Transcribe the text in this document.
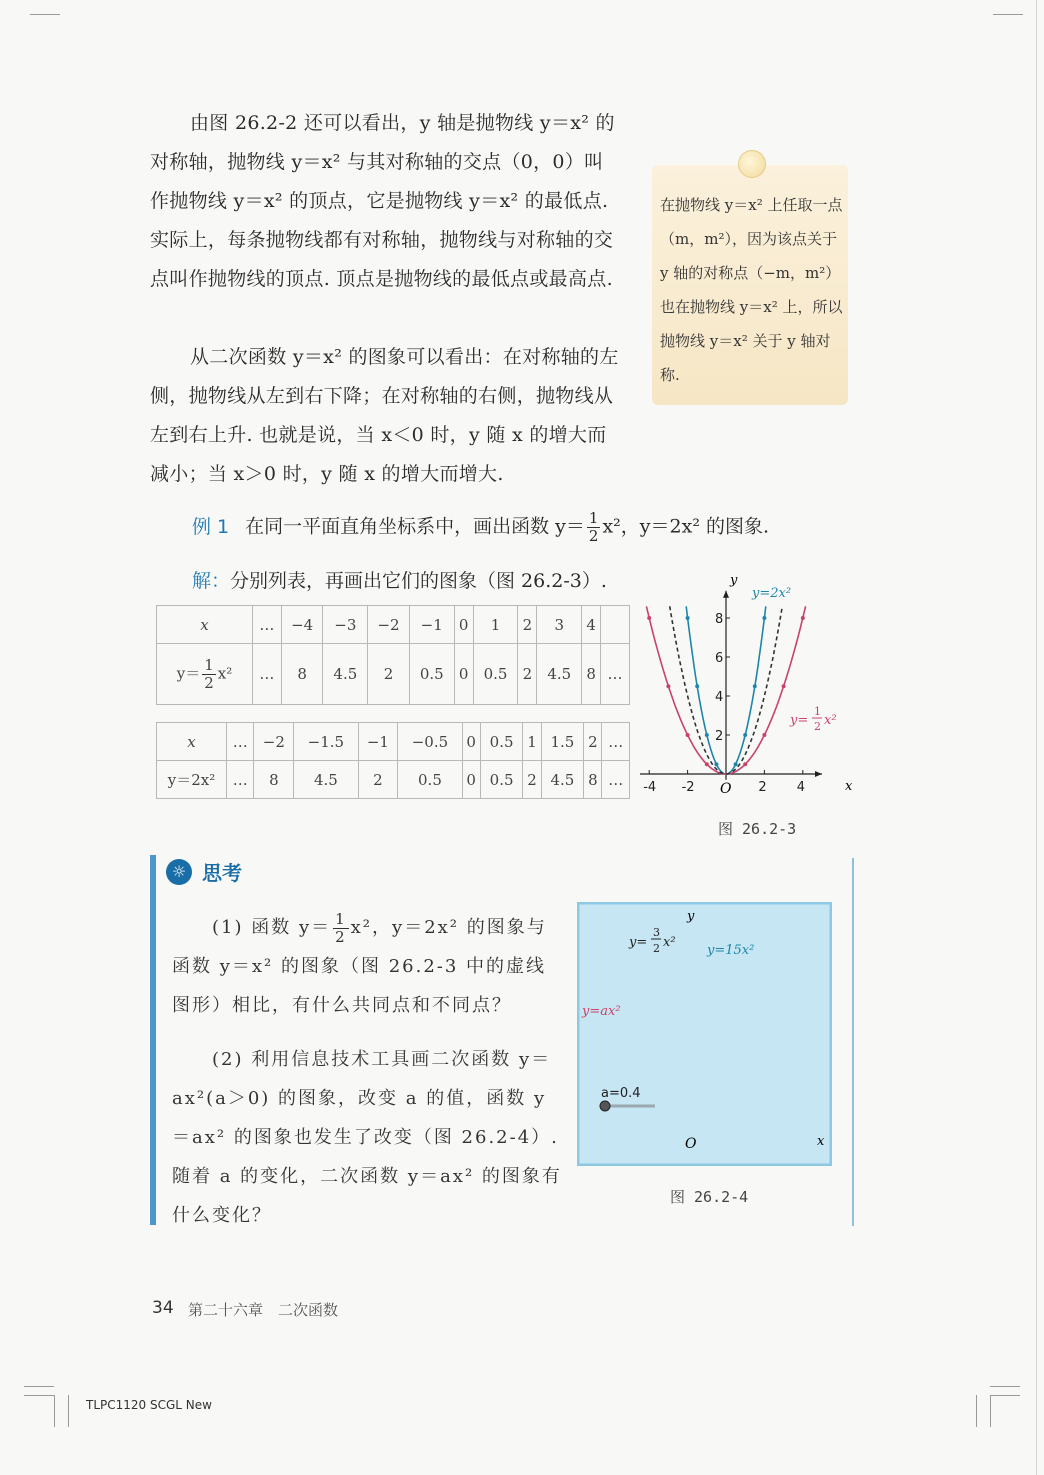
由图 26.2-2 还可以看出，y 轴是抛物线 y＝x² 的对称轴，抛物线 y＝x² 与其对称轴的交点（0，0）叫作抛物线 y＝x² 的顶点，它是抛物线 y＝x² 的最低点. 实际上，每条抛物线都有对称轴，抛物线与对称轴的交点叫作抛物线的顶点. 顶点是抛物线的最低点或最高点.

从二次函数 y＝x² 的图象可以看出：在对称轴的左侧，抛物线从左到右下降；在对称轴的右侧，抛物线从左到右上升. 也就是说，当 x＜0 时，y 随 x 的增大而减小；当 x＞0 时，y 随 x 的增大而增大.

在抛物线 y＝x² 上任取一点（m，m²），因为该点关于 y 轴的对称点（−m，m²）也在抛物线 y＝x² 上，所以抛物线 y＝x² 关于 y 轴对称.
例 1 在同一平面直角坐标系中，画出函数 $y= \frac{1}{2} x^2$，y＝2x² 的图象.
解：分别列表，再画出它们的图象（图 26.2-3）.
x	…	−4	−3	−2	−1	0	1	2	3	4	
$y= \frac{1}{2} x^2$	…	8	4.5	2	0.5	0	0.5	2	4.5	8	…
x	…	−2	−1.5	−1	−0.5	0	0.5	1	1.5	2	…
y＝2x²	…	8	4.5	2	0.5	0	0.5	2	4.5	8	…
8
6
4
2
4
2
-2
-4
y
x
O
y=2x²
y=
1
2 x²
图 26.2-3
☼ 思考
(1) 函数 $y= \frac{1}{2} x^2$，y＝2x² 的图象与函数 y＝x² 的图象（图 26.2-3 中的虚线图形）相比，有什么共同点和不同点？
(2) 利用信息技术工具画二次函数 y＝ax²(a＞0) 的图象，改变 a 的值，函数 y＝ax² 的图象也发生了改变（图 26.2-4）. 随着 a 的变化，二次函数 y＝ax² 的图象有什么变化？
y
x
O
y=ax²
y=15x²
y=
3
2 x²
a=0.4
图 26.2-4
34 第二十六章　二次函数
TLPC1120 SCGL New
